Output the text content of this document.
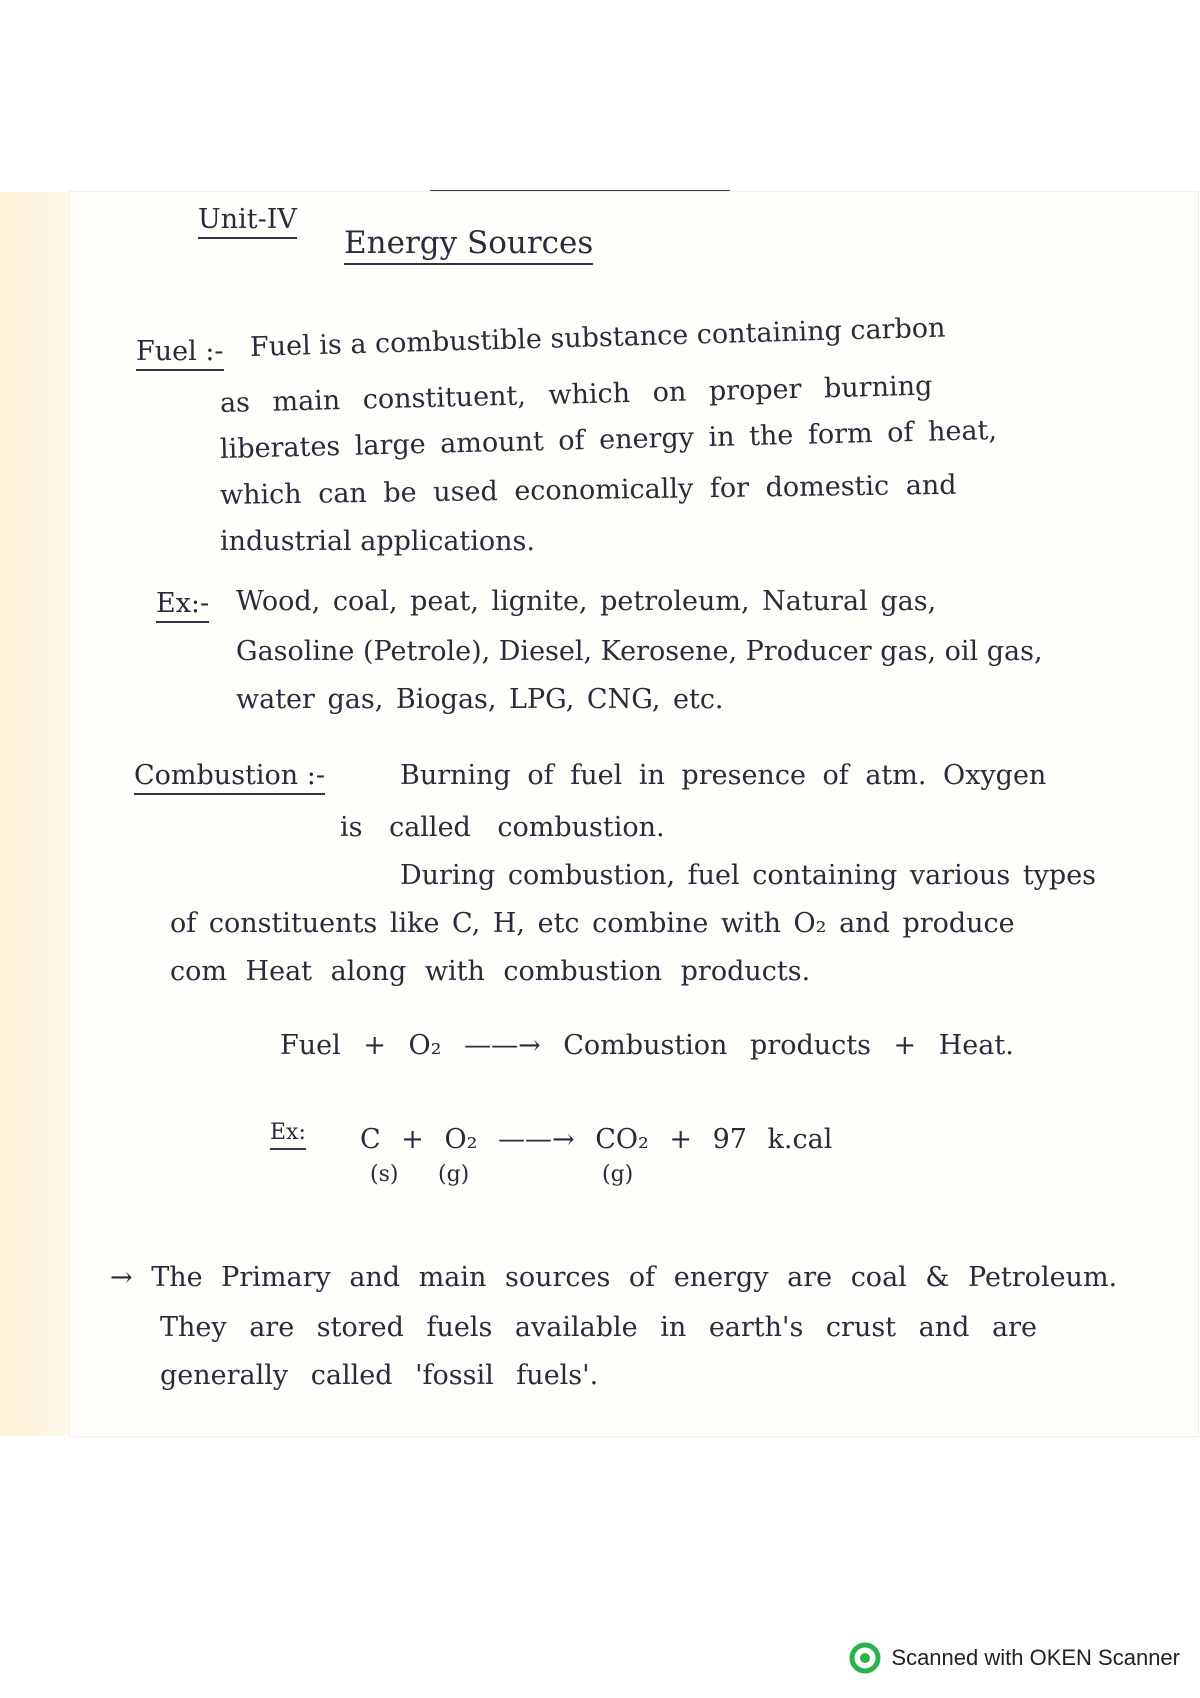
Unit-IV
Energy Sources
Fuel :- Fuel is a combustible substance containing carbon
as main constituent, which on proper burning
liberates large amount of energy in the form of heat,
which can be used economically for domestic and
industrial applications.
Ex:- Wood, coal, peat, lignite, petroleum, Natural gas,
Gasoline (Petrole), Diesel, Kerosene, Producer gas, oil gas,
water gas, Biogas, LPG, CNG, etc.
Combustion :-	Burning of fuel in presence of atm. Oxygen
is called combustion.
During combustion, fuel containing various types
of constituents like C, H, etc combine with O₂ and produce
com Heat along with combustion products.
Fuel + O₂ ——→ Combustion products + Heat.
Ex: C + O₂ ——→ CO₂ + 97 k.cal
(s) (g)	(g)
→ The Primary and main sources of energy are coal & Petroleum.
They are stored fuels available in earth's crust and are
generally called 'fossil fuels'.
Scanned with OKEN Scanner
